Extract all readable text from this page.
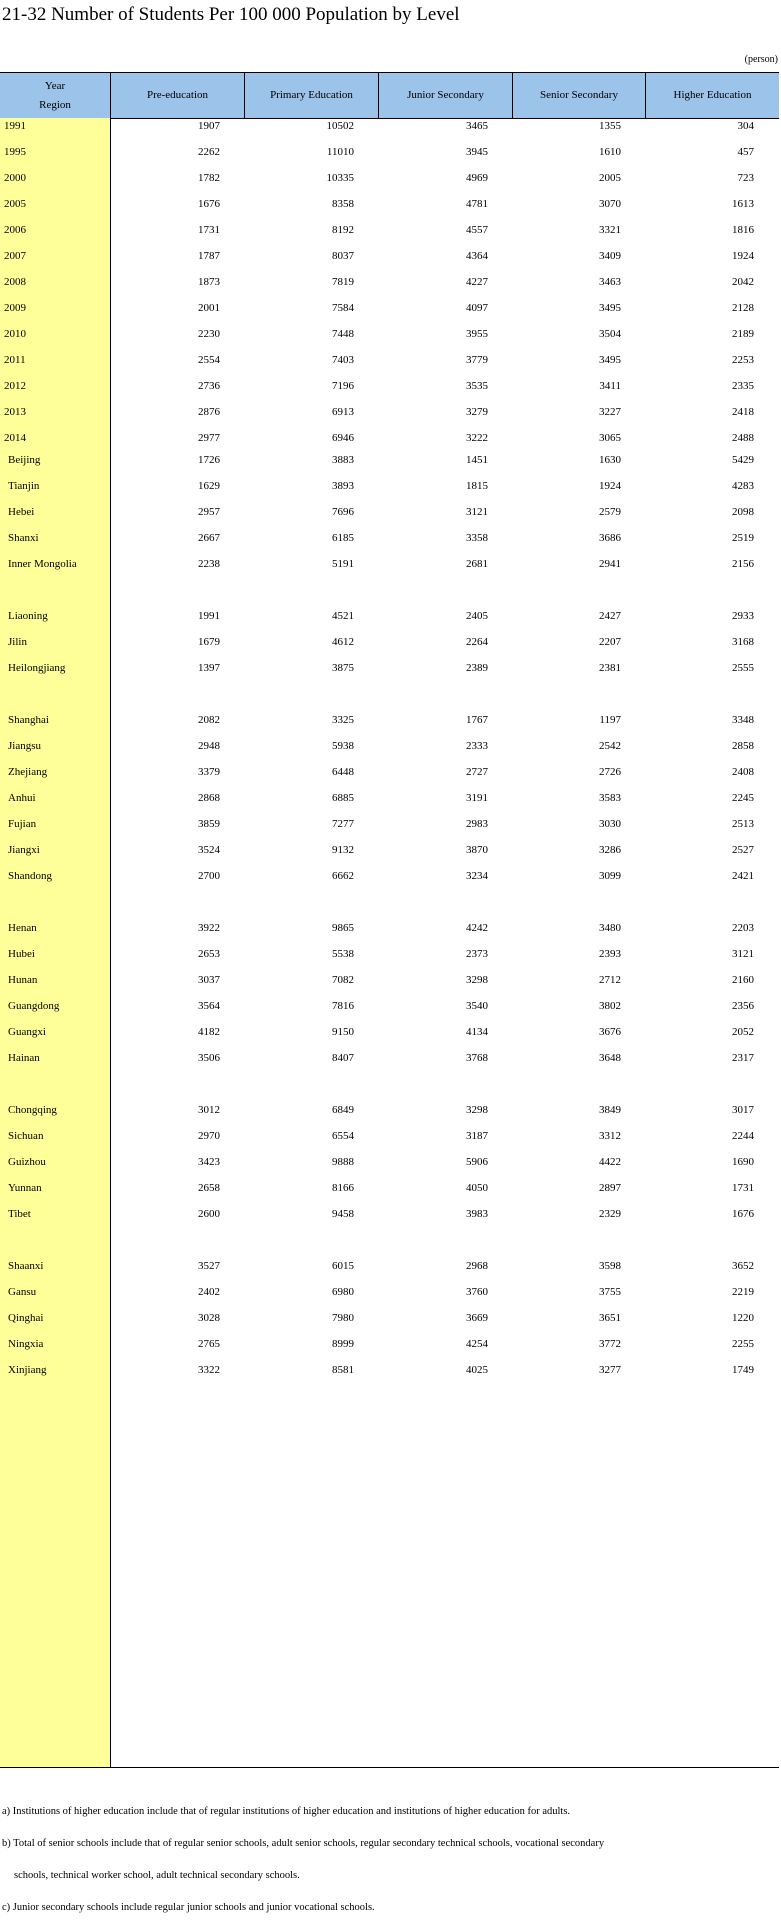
21-32 Number of Students Per 100 000 Population by Level
(person)
Year
Region
Pre-education	Primary Education	Junior Secondary	Senior Secondary	Higher Education
1991	1907	10502	3465	1355	304
1995	2262	11010	3945	1610	457
2000	1782	10335	4969	2005	723
2005	1676	8358	4781	3070	1613
2006	1731	8192	4557	3321	1816
2007	1787	8037	4364	3409	1924
2008	1873	7819	4227	3463	2042
2009	2001	7584	4097	3495	2128
2010	2230	7448	3955	3504	2189
2011	2554	7403	3779	3495	2253
2012	2736	7196	3535	3411	2335
2013	2876	6913	3279	3227	2418
2014	2977	6946	3222	3065	2488
Beijing	1726	3883	1451	1630	5429
Tianjin	1629	3893	1815	1924	4283
Hebei	2957	7696	3121	2579	2098
Shanxi	2667	6185	3358	3686	2519
Inner Mongolia	2238	5191	2681	2941	2156
Liaoning	1991	4521	2405	2427	2933
Jilin	1679	4612	2264	2207	3168
Heilongjiang	1397	3875	2389	2381	2555
Shanghai	2082	3325	1767	1197	3348
Jiangsu	2948	5938	2333	2542	2858
Zhejiang	3379	6448	2727	2726	2408
Anhui	2868	6885	3191	3583	2245
Fujian	3859	7277	2983	3030	2513
Jiangxi	3524	9132	3870	3286	2527
Shandong	2700	6662	3234	3099	2421
Henan	3922	9865	4242	3480	2203
Hubei	2653	5538	2373	2393	3121
Hunan	3037	7082	3298	2712	2160
Guangdong	3564	7816	3540	3802	2356
Guangxi	4182	9150	4134	3676	2052
Hainan	3506	8407	3768	3648	2317
Chongqing	3012	6849	3298	3849	3017
Sichuan	2970	6554	3187	3312	2244
Guizhou	3423	9888	5906	4422	1690
Yunnan	2658	8166	4050	2897	1731
Tibet	2600	9458	3983	2329	1676
Shaanxi	3527	6015	2968	3598	3652
Gansu	2402	6980	3760	3755	2219
Qinghai	3028	7980	3669	3651	1220
Ningxia	2765	8999	4254	3772	2255
Xinjiang	3322	8581	4025	3277	1749
a) Institutions of higher education include that of regular institutions of higher education and institutions of higher education for adults.
b) Total of senior schools include that of regular senior schools, adult senior schools, regular secondary technical schools, vocational secondary
schools, technical worker school, adult technical secondary schools.
c) Junior secondary schools include regular junior schools and junior vocational schools.
